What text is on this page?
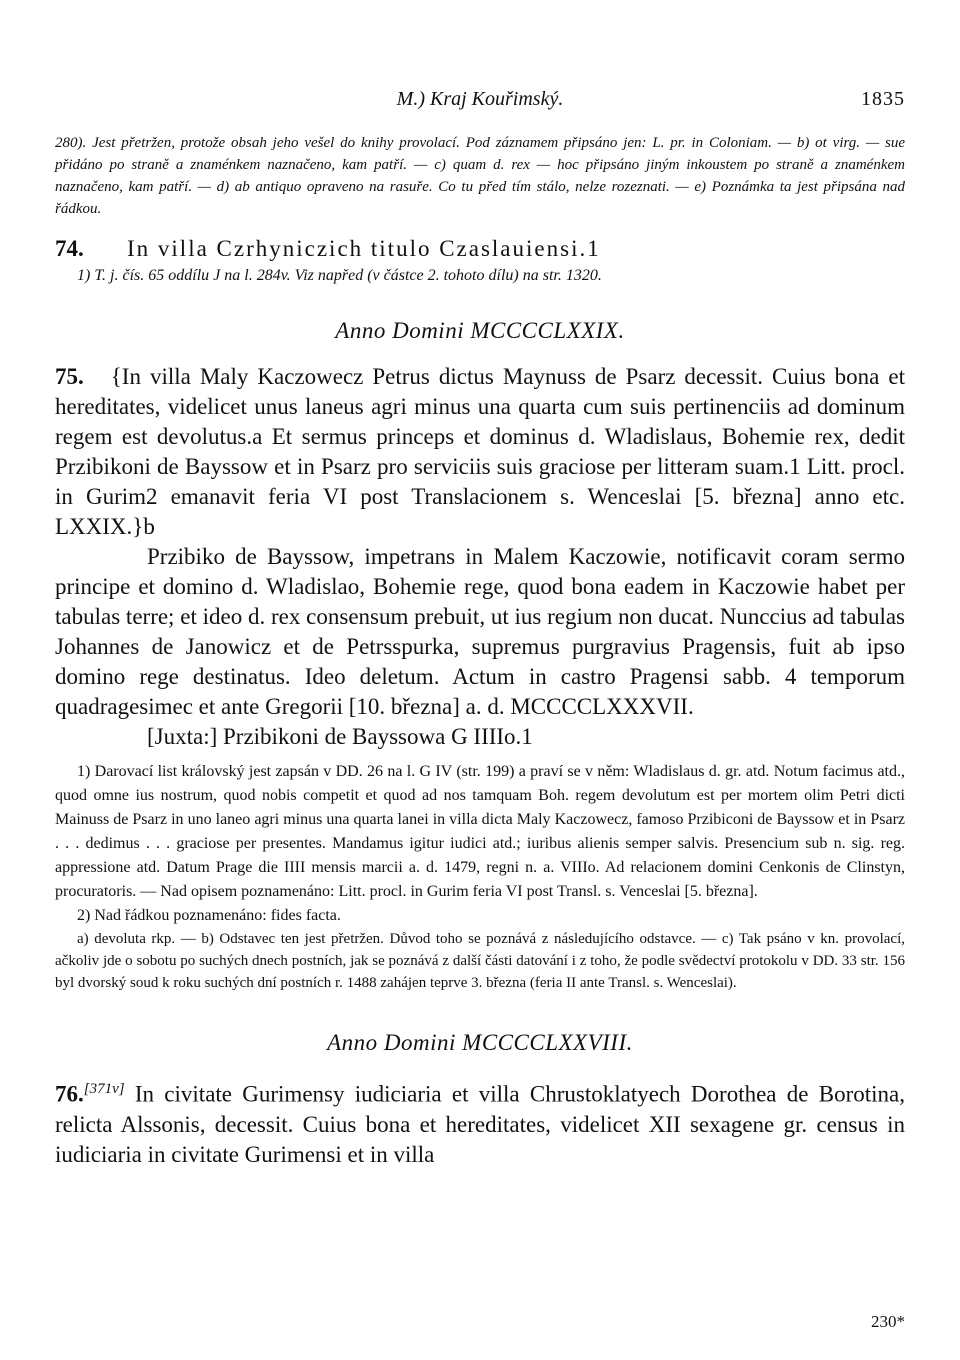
M.) Kraj Kouřimský.	1835
280). Jest přetržen, protože obsah jeho vešel do knihy provolací. Pod záznamem připsáno jen: L. pr. in Coloniam. — b) ot virg. — sue přidáno po straně a znaménkem naznačeno, kam patří. — c) quam d. rex — hoc připsáno jiným inkoustem po straně a znaménkem naznačeno, kam patří. — d) ab antiquo opraveno na rasuře. Co tu před tím stálo, nelze rozeznati. — e) Poznámka ta jest připsána nad řádkou.
74. In villa Czrhyniczich titulo Czaslauiensi.1
1) T. j. čís. 65 oddílu J na l. 284v. Viz napřed (v částce 2. tohoto dílu) na str. 1320.
Anno Domini MCCCCLXXIX.

75. {In villa Maly Kaczowecz Petrus dictus Maynuss de Psarz decessit. Cuius bona et hereditates, videlicet unus laneus agri minus una quarta cum suis pertinenciis ad dominum regem est devolutus.a Et sermus princeps et dominus d. Wladislaus, Bohemie rex, dedit Przibikoni de Bayssow et in Psarz pro serviciis suis graciose per litteram suam.1 Litt. procl. in Gurim2 emanavit feria VI post Translacionem s. Wenceslai [5. března] anno etc. LXXIX.}b

Przibiko de Bayssow, impetrans in Malem Kaczowie, notificavit coram sermo principe et domino d. Wladislao, Bohemie rege, quod bona eadem in Kaczowie habet per tabulas terre; et ideo d. rex consensum prebuit, ut ius regium non ducat. Nunccius ad tabulas Johannes de Janowicz et de Petrsspurka, supremus purgravius Pragensis, fuit ab ipso domino rege destinatus. Ideo deletum. Actum in castro Pragensi sabb. 4 temporum quadragesimec et ante Gregorii [10. března] a. d. MCCCCLXXXVII.

[Juxta:] Przibikoni de Bayssowa G IIIIo.1

1) Darovací list královský jest zapsán v DD. 26 na l. G IV (str. 199) a praví se v něm: Wladislaus d. gr. atd. Notum facimus atd., quod omne ius nostrum, quod nobis competit et quod ad nos tamquam Boh. regem devolutum est per mortem olim Petri dicti Mainuss de Psarz in uno laneo agri minus una quarta lanei in villa dicta Maly Kaczowecz, famoso Przibiconi de Bayssow et in Psarz . . . dedimus . . . graciose per presentes. Mandamus igitur iudici atd.; iuribus alienis semper salvis. Presencium sub n. sig. reg. appressione atd. Datum Prage die IIII mensis marcii a. d. 1479, regni n. a. VIIIo. Ad relacionem domini Cenkonis de Clinstyn, procuratoris. — Nad opisem poznamenáno: Litt. procl. in Gurim feria VI post Transl. s. Venceslai [5. března].

2) Nad řádkou poznamenáno: fides facta.

a) devoluta rkp. — b) Odstavec ten jest přetržen. Důvod toho se poznává z následujícího odstavce. — c) Tak psáno v kn. provolací, ačkoliv jde o sobotu po suchých dnech postních, jak se poznává z další části datování i z toho, že podle svědectví protokolu v DD. 33 str. 156 byl dvorský soud k roku suchých dní postních r. 1488 zahájen teprve 3. března (feria II ante Transl. s. Wenceslai).

Anno Domini MCCCCLXXVIII.

76.[371v] In civitate Gurimensy iudiciaria et villa Chrustoklatyech Dorothea de Borotina, relicta Alssonis, decessit. Cuius bona et hereditates, videlicet XII sexagene gr. census in iudiciaria in civitate Gurimensi et in villa

230*
